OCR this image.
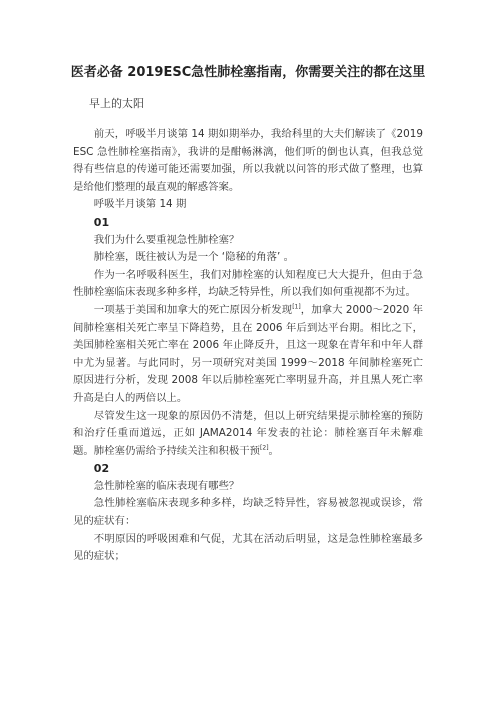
医者必备 2019ESC急性肺栓塞指南，你需要关注的都在这里
早上的太阳

前天，呼吸半月谈第 14 期如期举办，我给科里的大夫们解读了《2019ESC 急性肺栓塞指南》，我讲的是酣畅淋漓，他们听的倒也认真，但我总觉得有些信息的传递可能还需要加强，所以我就以问答的形式做了整理，也算是给他们整理的最直观的解惑答案。

呼吸半月谈第 14 期

01

我们为什么要重视急性肺栓塞？

肺栓塞，既往被认为是一个 ‘隐秘的角落’ 。

作为一名呼吸科医生，我们对肺栓塞的认知程度已大大提升，但由于急性肺栓塞临床表现多种多样，均缺乏特异性，所以我们如何重视都不为过。

一项基于美国和加拿大的死亡原因分析发现[1]，加拿大 2000～2020 年间肺栓塞相关死亡率呈下降趋势，且在 2006 年后到达平台期。相比之下，美国肺栓塞相关死亡率在 2006 年止降反升，且这一现象在青年和中年人群中尤为显著。与此同时，另一项研究对美国 1999～2018 年间肺栓塞死亡原因进行分析，发现 2008 年以后肺栓塞死亡率明显升高，并且黑人死亡率升高是白人的两倍以上。

尽管发生这一现象的原因仍不清楚，但以上研究结果提示肺栓塞的预防和治疗任重而道远，正如 JAMA2014 年发表的社论：肺栓塞百年未解难题。肺栓塞仍需给予持续关注和积极干预[2]。

02

急性肺栓塞的临床表现有哪些？

急性肺栓塞临床表现多种多样，均缺乏特异性，容易被忽视或误诊，常见的症状有：

不明原因的呼吸困难和气促，尤其在活动后明显，这是急性肺栓塞最多见的症状；
